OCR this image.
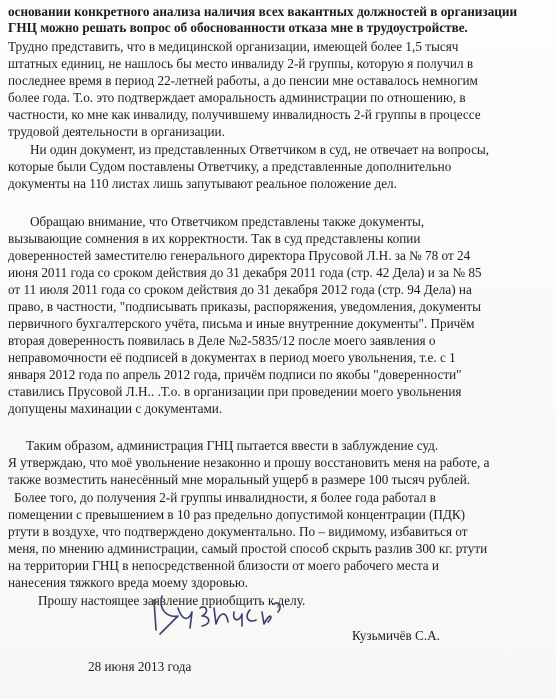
основании конкретного анализа наличия всех вакантных должностей в организации
ГНЦ можно решать вопрос об обоснованности отказа мне в трудоустройстве.
Трудно представить, что в медицинской организации, имеющей более 1,5 тысяч
штатных единиц, не нашлось бы место инвалиду 2-й группы, которую я получил в
последнее время в период 22-летней работы, а до пенсии мне оставалось немногим
более года. Т.о. это подтверждает аморальность администрации по отношению, в
частности, ко мне как инвалиду, получившему инвалидность 2-й группы в процессе
трудовой деятельности в организации.
Ни один документ, из представленных Ответчиком в суд, не отвечает на вопросы,
которые были Судом поставлены Ответчику, а представленные дополнительно
документы на 110 листах лишь запутывают реальное положение дел.
Обращаю внимание, что Ответчиком представлены также документы,
вызывающие сомнения в их корректности. Так в суд представлены копии
доверенностей заместителю генерального директора Прусовой Л.Н. за № 78 от 24
июня 2011 года со сроком действия до 31 декабря 2011 года (стр. 42 Дела) и за № 85
от 11 июля 2011 года со сроком действия до 31 декабря 2012 года (стр. 94 Дела) на
право, в частности, "подписывать приказы, распоряжения, уведомления, документы
первичного бухгалтерского учёта, письма и иные внутренние документы". Причём
вторая доверенность появилась в Деле №2-5835/12 после моего заявления о
неправомочности её подписей в документах в период моего увольнения, т.е. с 1
января 2012 года по апрель 2012 года, причём подписи по якобы "доверенности"
ставились Прусовой Л.Н.. .Т.о. в организации при проведении моего увольнения
допущены махинации с документами.
Таким образом, администрация ГНЦ пытается ввести в заблуждение суд.
Я утверждаю, что моё увольнение незаконно и прошу восстановить меня на работе, а
также возместить нанесённый мне моральный ущерб в размере 100 тысяч рублей.
Более того, до получения 2-й группы инвалидности, я более года работал в
помещении с превышением в 10 раз предельно допустимой концентрации (ПДК)
ртути в воздухе, что подтверждено документально. По – видимому, избавиться от
меня, по мнению администрации, самый простой способ скрыть разлив 300 кг. ртути
на территории ГНЦ в непосредственной близости от моего рабочего места и
нанесения тяжкого вреда моему здоровью.
Прошу настоящее заявление приобщить к делу.
Кузьмичёв С.А.
28 июня 2013 года
